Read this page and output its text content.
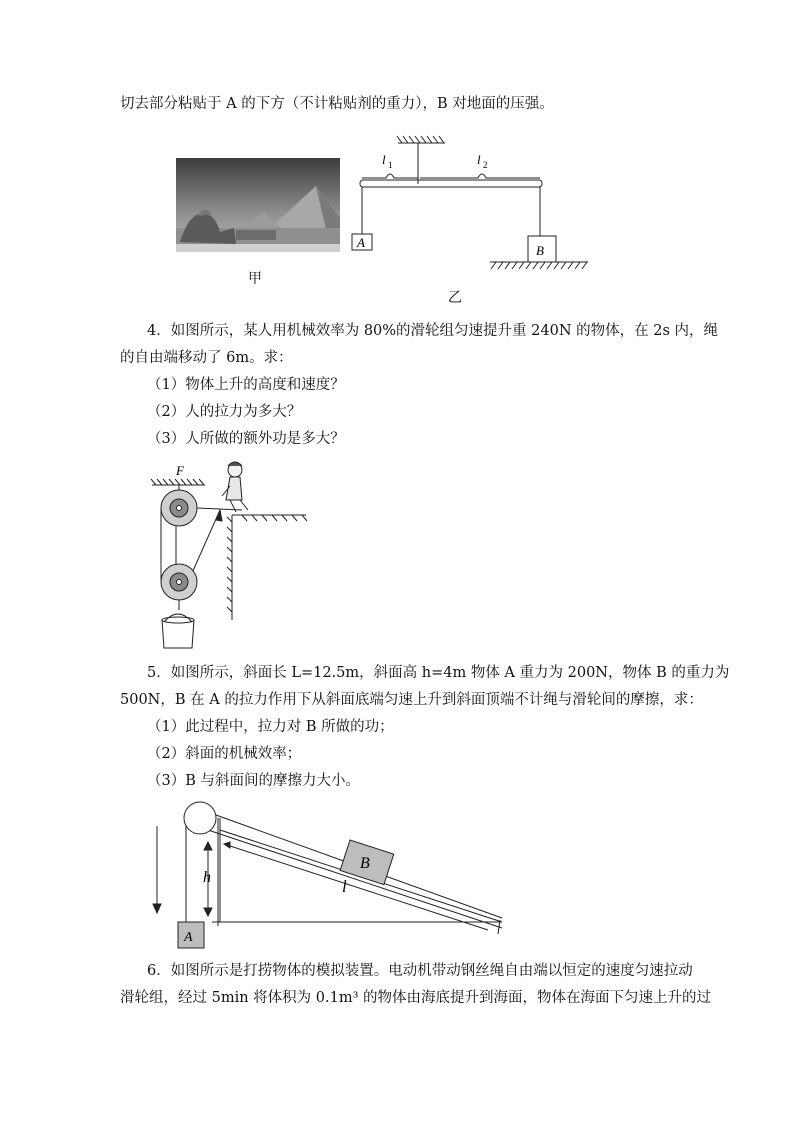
切去部分粘贴于 A 的下方（不计粘贴剂的重力），B 对地面的压强。
甲
l 1	l 2
A
B
乙
4．如图所示，某人用机械效率为 80%的滑轮组匀速提升重 240N 的物体，在 2s 内，绳
的自由端移动了 6m。求：
（1）物体上升的高度和速度？
（2）人的拉力为多大？
（3）人所做的额外功是多大？
F
5．如图所示，斜面长 L=12.5m，斜面高 h=4m 物体 A 重力为 200N，物体 B 的重力为
500N，B 在 A 的拉力作用下从斜面底端匀速上升到斜面顶端不计绳与滑轮间的摩擦，求：
（1）此过程中，拉力对 B 所做的功；
（2）斜面的机械效率；
（3）B 与斜面间的摩擦力大小。
B
A
h	l
6．如图所示是打捞物体的模拟装置。电动机带动钢丝绳自由端以恒定的速度匀速拉动
滑轮组，经过 5min 将体积为 0.1m³ 的物体由海底提升到海面，物体在海面下匀速上升的过
